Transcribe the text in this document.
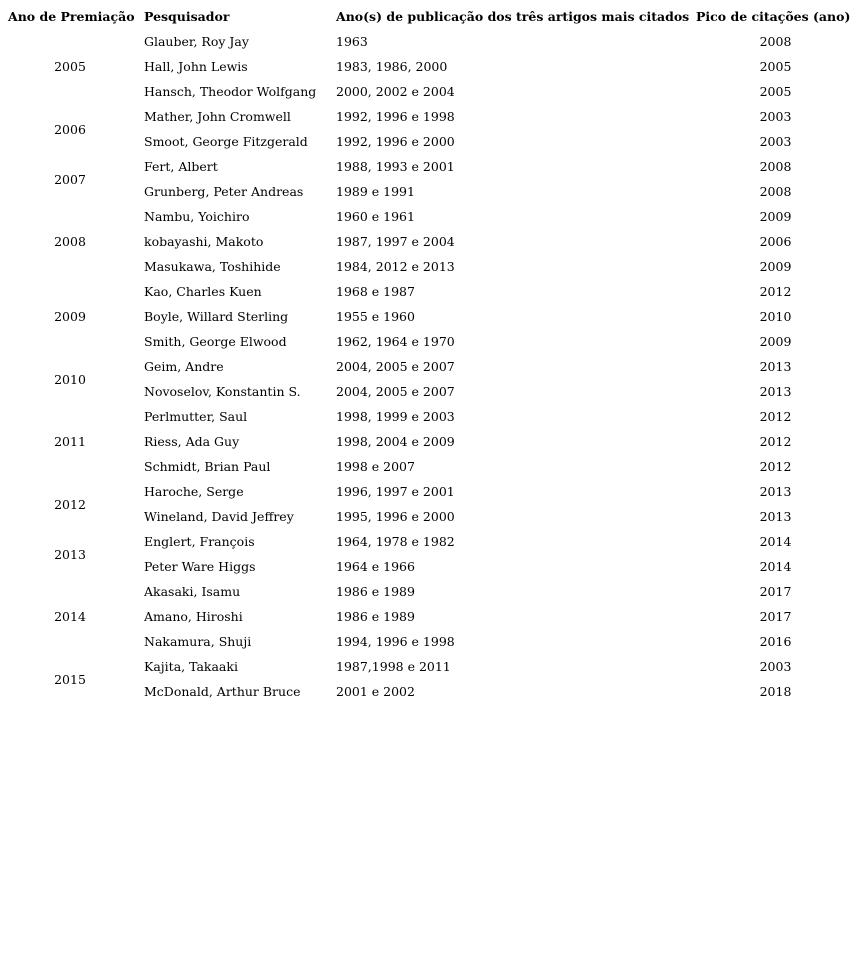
Ano de Premiação	Pesquisador	Ano(s) de publicação dos três artigos mais citados	Pico de citações (ano)
2005	Glauber, Roy Jay	1963	2008
	Hall, John Lewis	1983, 1986, 2000	2005
	Hansch, Theodor Wolfgang	2000, 2002 e 2004	2005
2006	Mather, John Cromwell	1992, 1996 e 1998	2003
	Smoot, George Fitzgerald	1992, 1996 e 2000	2003
2007	Fert, Albert	1988, 1993 e 2001	2008
	Grunberg, Peter Andreas	1989 e 1991	2008
2008	Nambu, Yoichiro	1960 e 1961	2009
	kobayashi, Makoto	1987, 1997 e 2004	2006
	Masukawa, Toshihide	1984, 2012 e 2013	2009
2009	Kao, Charles Kuen	1968 e 1987	2012
	Boyle, Willard Sterling	1955 e 1960	2010
	Smith, George Elwood	1962, 1964 e 1970	2009
2010	Geim, Andre	2004, 2005 e 2007	2013
	Novoselov, Konstantin S.	2004, 2005 e 2007	2013
2011	Perlmutter, Saul	1998, 1999 e 2003	2012
	Riess, Ada Guy	1998, 2004 e 2009	2012
	Schmidt, Brian Paul	1998 e 2007	2012
2012	Haroche, Serge	1996, 1997 e 2001	2013
	Wineland, David Jeffrey	1995, 1996 e 2000	2013
2013	Englert, François	1964, 1978 e 1982	2014
	Peter Ware Higgs	1964 e 1966	2014
2014	Akasaki, Isamu	1986 e 1989	2017
	Amano, Hiroshi	1986 e 1989	2017
	Nakamura, Shuji	1994, 1996 e 1998	2016
2015	Kajita, Takaaki	1987,1998 e 2011	2003
	McDonald, Arthur Bruce	2001 e 2002	2018
